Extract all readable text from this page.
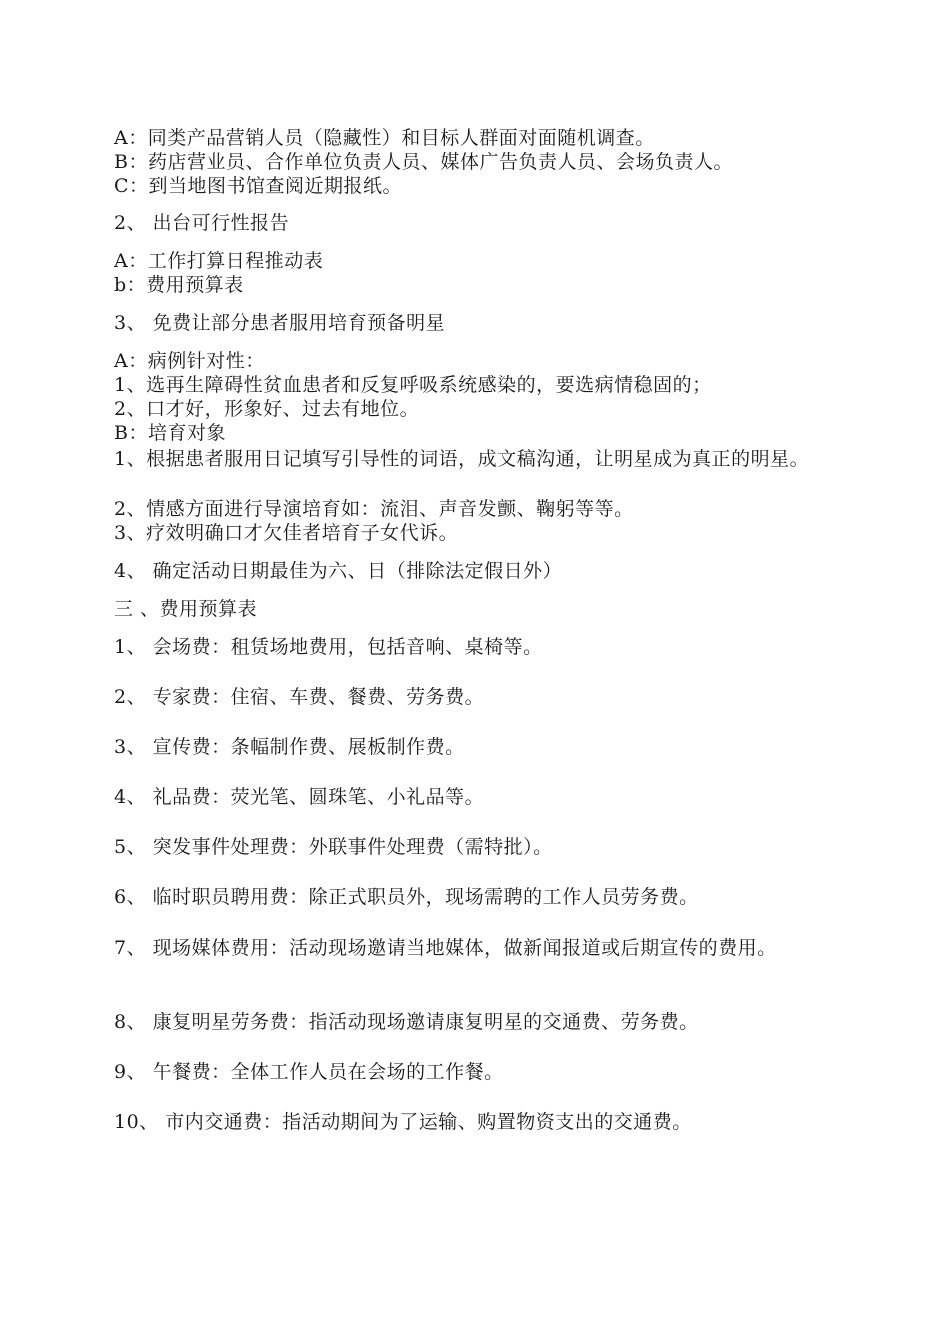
A：同类产品营销人员（隐藏性）和目标人群面对面随机调查。
B：药店营业员、合作单位负责人员、媒体广告负责人员、会场负责人。
C：到当地图书馆查阅近期报纸。
2、 出台可行性报告
A：工作打算日程推动表
b：费用预算表
3、 免费让部分患者服用培育预备明星
A：病例针对性：
1、选再生障碍性贫血患者和反复呼吸系统感染的，要选病情稳固的；
2、口才好，形象好、过去有地位。
B：培育对象
1、根据患者服用日记填写引导性的词语，成文稿沟通，让明星成为真正的明星。
2、情感方面进行导演培育如：流泪、声音发颤、鞠躬等等。
3、疗效明确口才欠佳者培育子女代诉。
4、 确定活动日期最佳为六、日（排除法定假日外）
三 、费用预算表
1、 会场费：租赁场地费用，包括音响、桌椅等。
2、 专家费：住宿、车费、餐费、劳务费。
3、 宣传费：条幅制作费、展板制作费。
4、 礼品费：荧光笔、圆珠笔、小礼品等。
5、 突发事件处理费：外联事件处理费（需特批）。
6、 临时职员聘用费：除正式职员外，现场需聘的工作人员劳务费。
7、 现场媒体费用：活动现场邀请当地媒体，做新闻报道或后期宣传的费用。
8、 康复明星劳务费：指活动现场邀请康复明星的交通费、劳务费。
9、 午餐费：全体工作人员在会场的工作餐。
10、 市内交通费：指活动期间为了运输、购置物资支出的交通费。
